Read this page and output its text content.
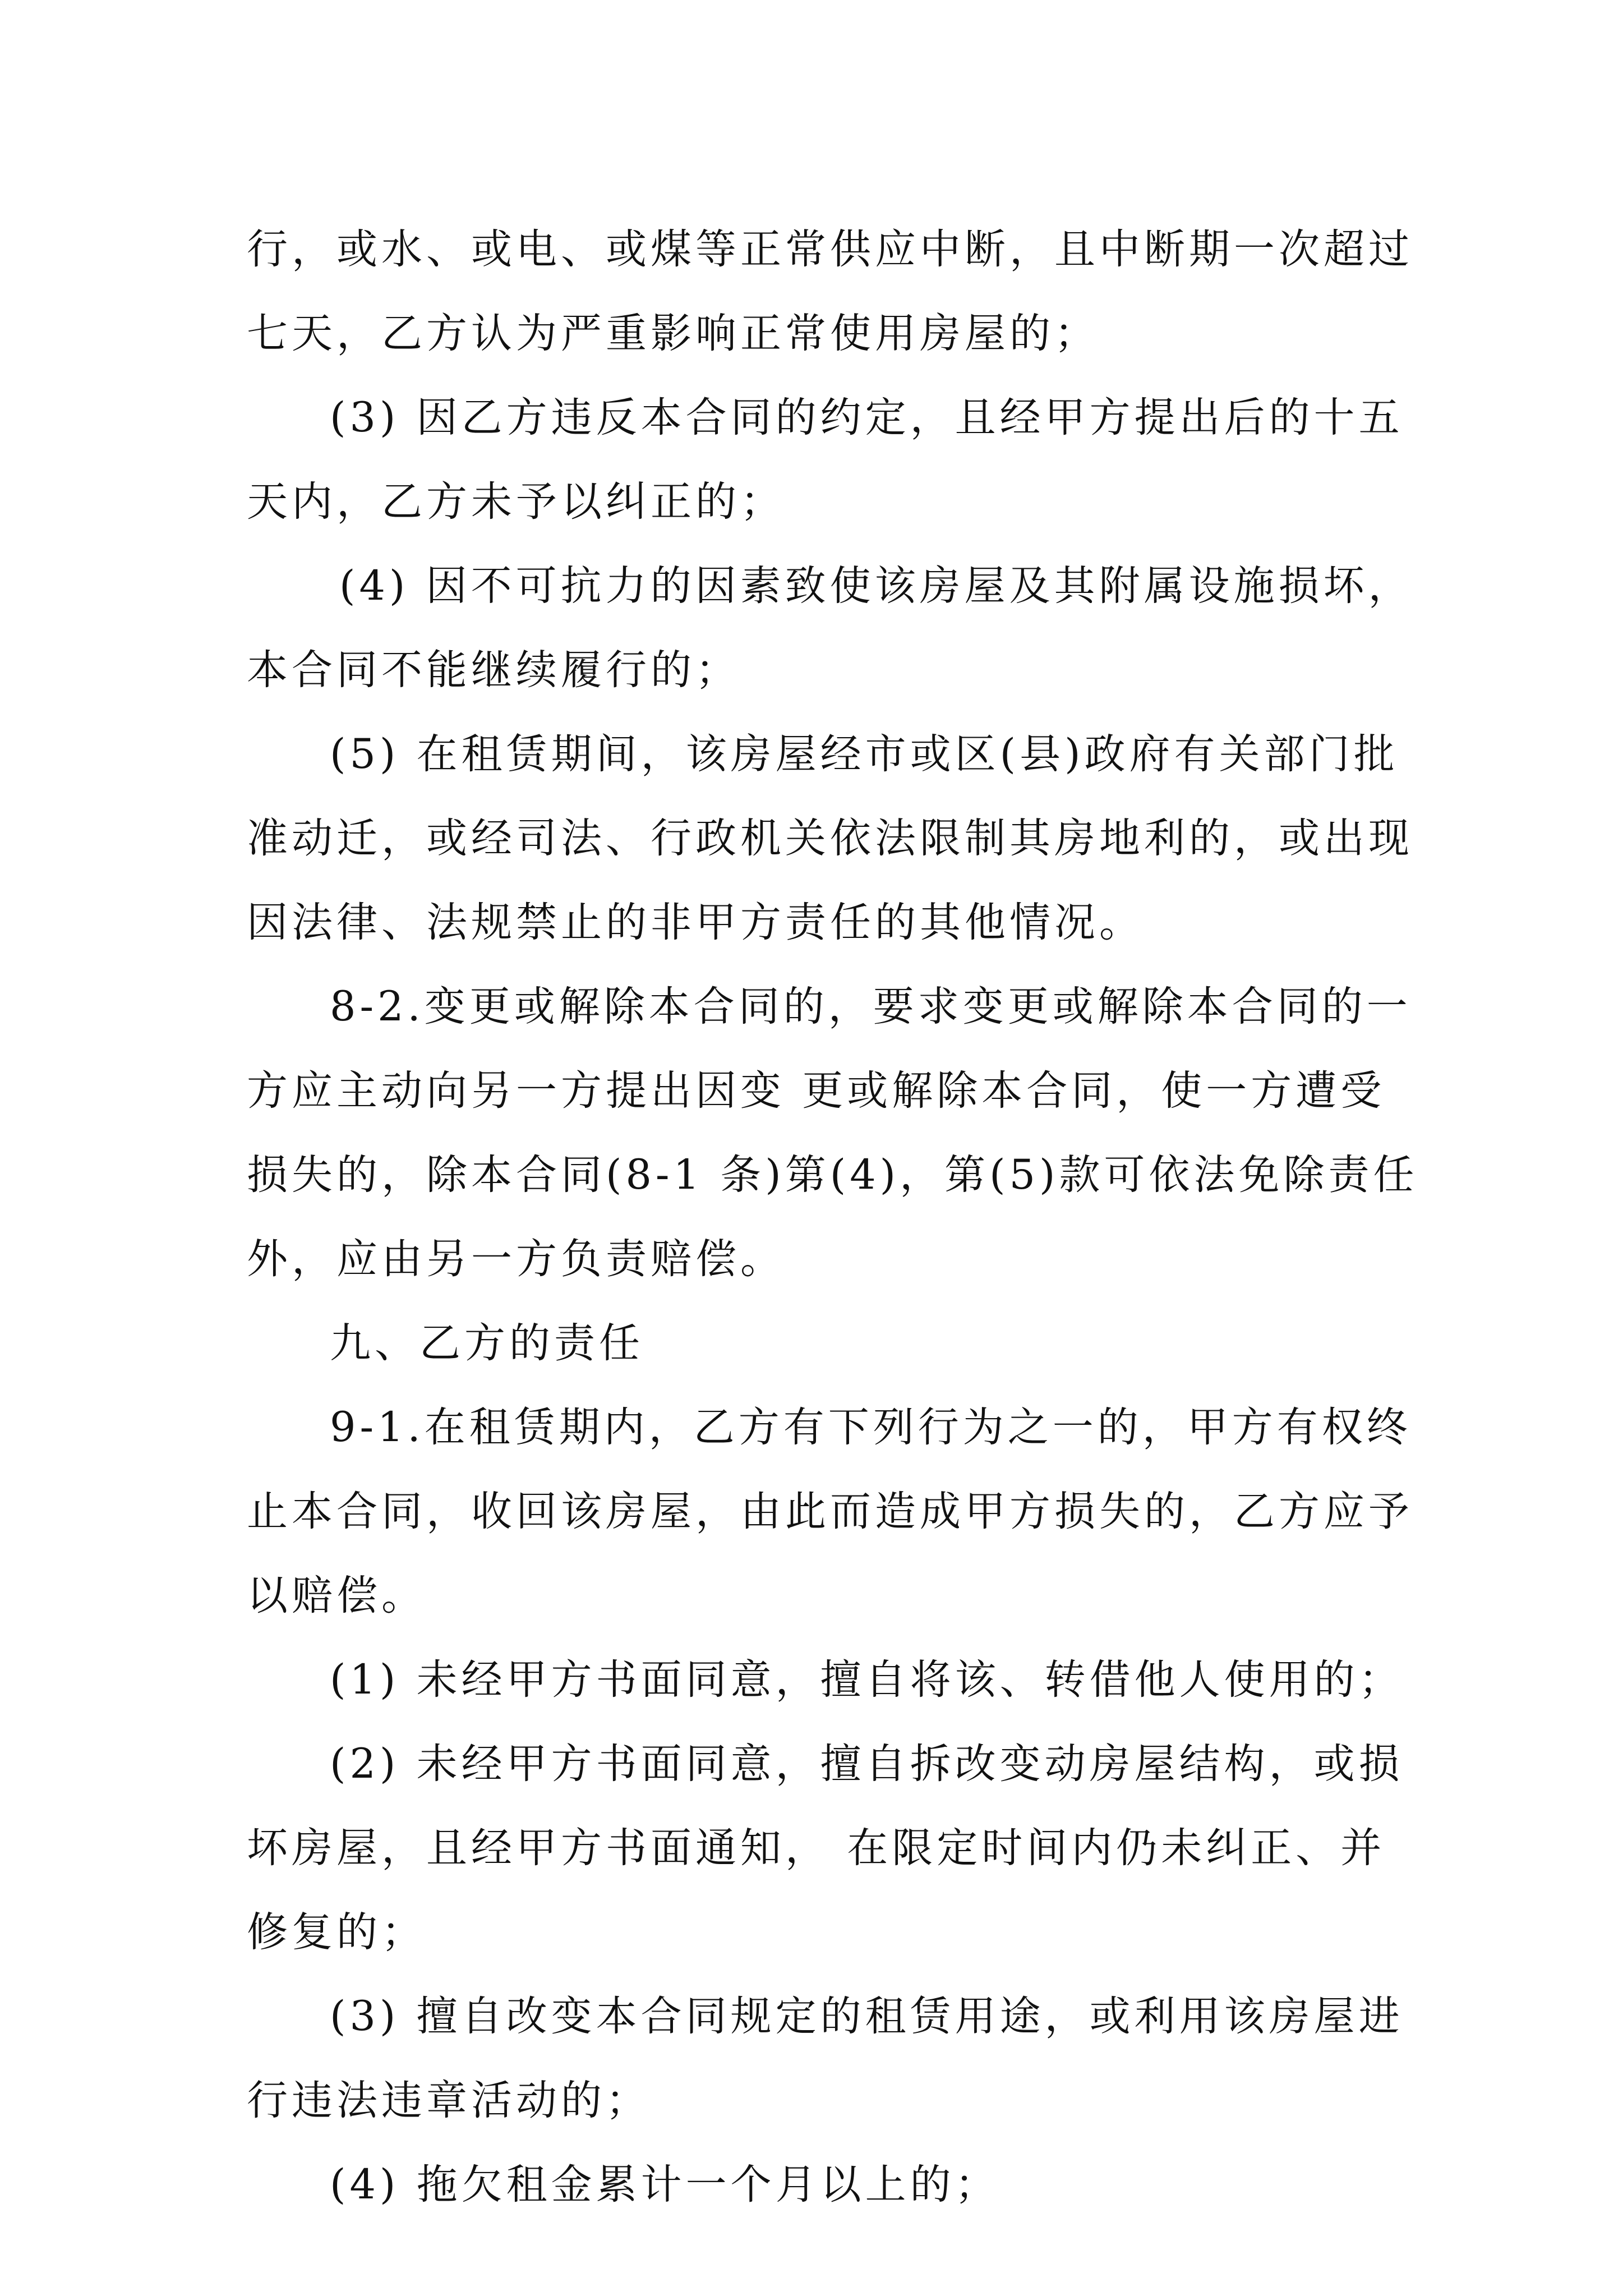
行，或水、或电、或煤等正常供应中断，且中断期一次超过
七天，乙方认为严重影响正常使用房屋的；
(3) 因乙方违反本合同的约定，且经甲方提出后的十五
天内，乙方未予以纠正的；
(4) 因不可抗力的因素致使该房屋及其附属设施损坏，
本合同不能继续履行的；
(5) 在租赁期间，该房屋经市或区(县)政府有关部门批
准动迁，或经司法、行政机关依法限制其房地利的，或出现
因法律、法规禁止的非甲方责任的其他情况。
8-2.变更或解除本合同的，要求变更或解除本合同的一
方应主动向另一方提出因变 更或解除本合同，使一方遭受
损失的，除本合同(8-1 条)第(4)，第(5)款可依法免除责任
外，应由另一方负责赔偿。
九、乙方的责任
9-1.在租赁期内，乙方有下列行为之一的，甲方有权终
止本合同，收回该房屋，由此而造成甲方损失的，乙方应予
以赔偿。
(1) 未经甲方书面同意，擅自将该、转借他人使用的；
(2) 未经甲方书面同意，擅自拆改变动房屋结构，或损
坏房屋，且经甲方书面通知， 在限定时间内仍未纠正、并
修复的；
(3) 擅自改变本合同规定的租赁用途，或利用该房屋进
行违法违章活动的；
(4) 拖欠租金累计一个月以上的；
